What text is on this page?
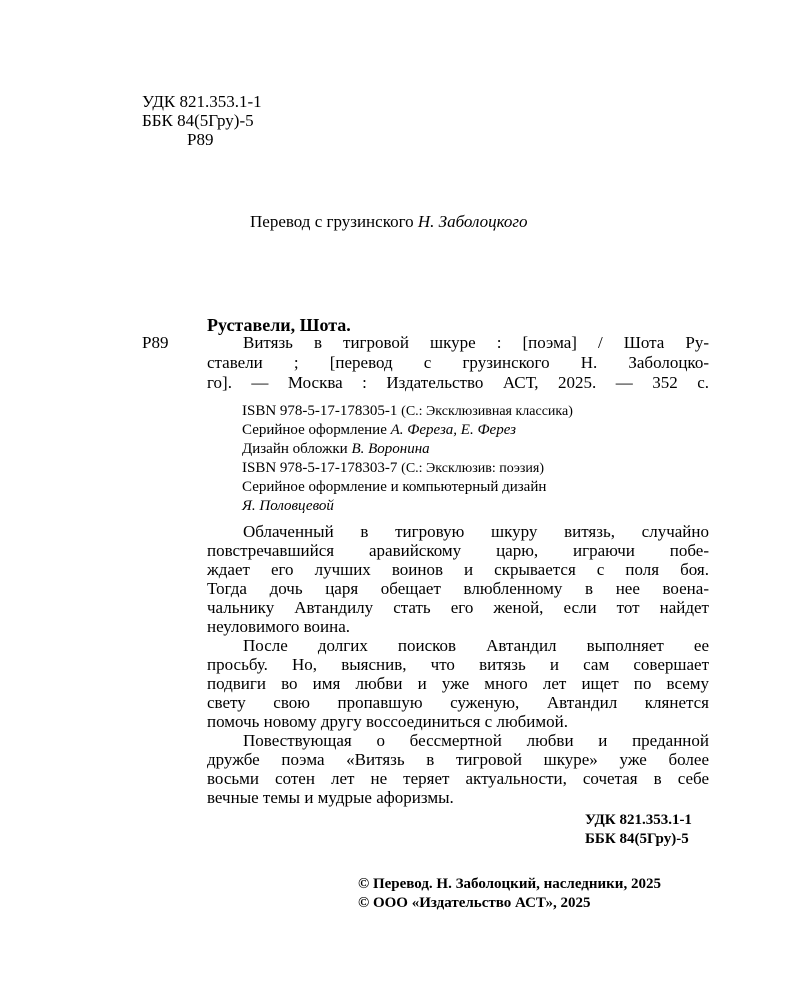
УДК 821.353.1-1
ББК 84(5Гру)-5
Р89
Перевод с грузинского Н. Заболоцкого
Руставели, Шота.
Р89	Витязь в тигровой шкуре : [поэма] / Шота Ру-
ставели ; [перевод с грузинского Н. Заболоцко-
го]. — Москва : Издательство АСТ, 2025. — 352 с.
ISBN 978-5-17-178305-1 (С.: Эксклюзивная классика)
Серийное оформление А. Фереза, Е. Ферез
Дизайн обложки В. Воронина
ISBN 978-5-17-178303-7 (С.: Эксклюзив: поэзия)
Серийное оформление и компьютерный дизайн
Я. Половцевой
Облаченный в тигровую шкуру витязь, случайно
повстречавшийся аравийскому царю, играючи побе-
ждает его лучших воинов и скрывается с поля боя.
Тогда дочь царя обещает влюбленному в нее воена-
чальнику Автандилу стать его женой, если тот найдет
неуловимого воина.
После долгих поисков Автандил выполняет ее
просьбу. Но, выяснив, что витязь и сам совершает
подвиги во имя любви и уже много лет ищет по всему
свету свою пропавшую суженую, Автандил клянется
помочь новому другу воссоединиться с любимой.
Повествующая о бессмертной любви и преданной
дружбе поэма «Витязь в тигровой шкуре» уже более
восьми сотен лет не теряет актуальности, сочетая в себе
вечные темы и мудрые афоризмы.
УДК 821.353.1-1
ББК 84(5Гру)-5
© Перевод. Н. Заболоцкий, наследники, 2025
© ООО «Издательство АСТ», 2025
